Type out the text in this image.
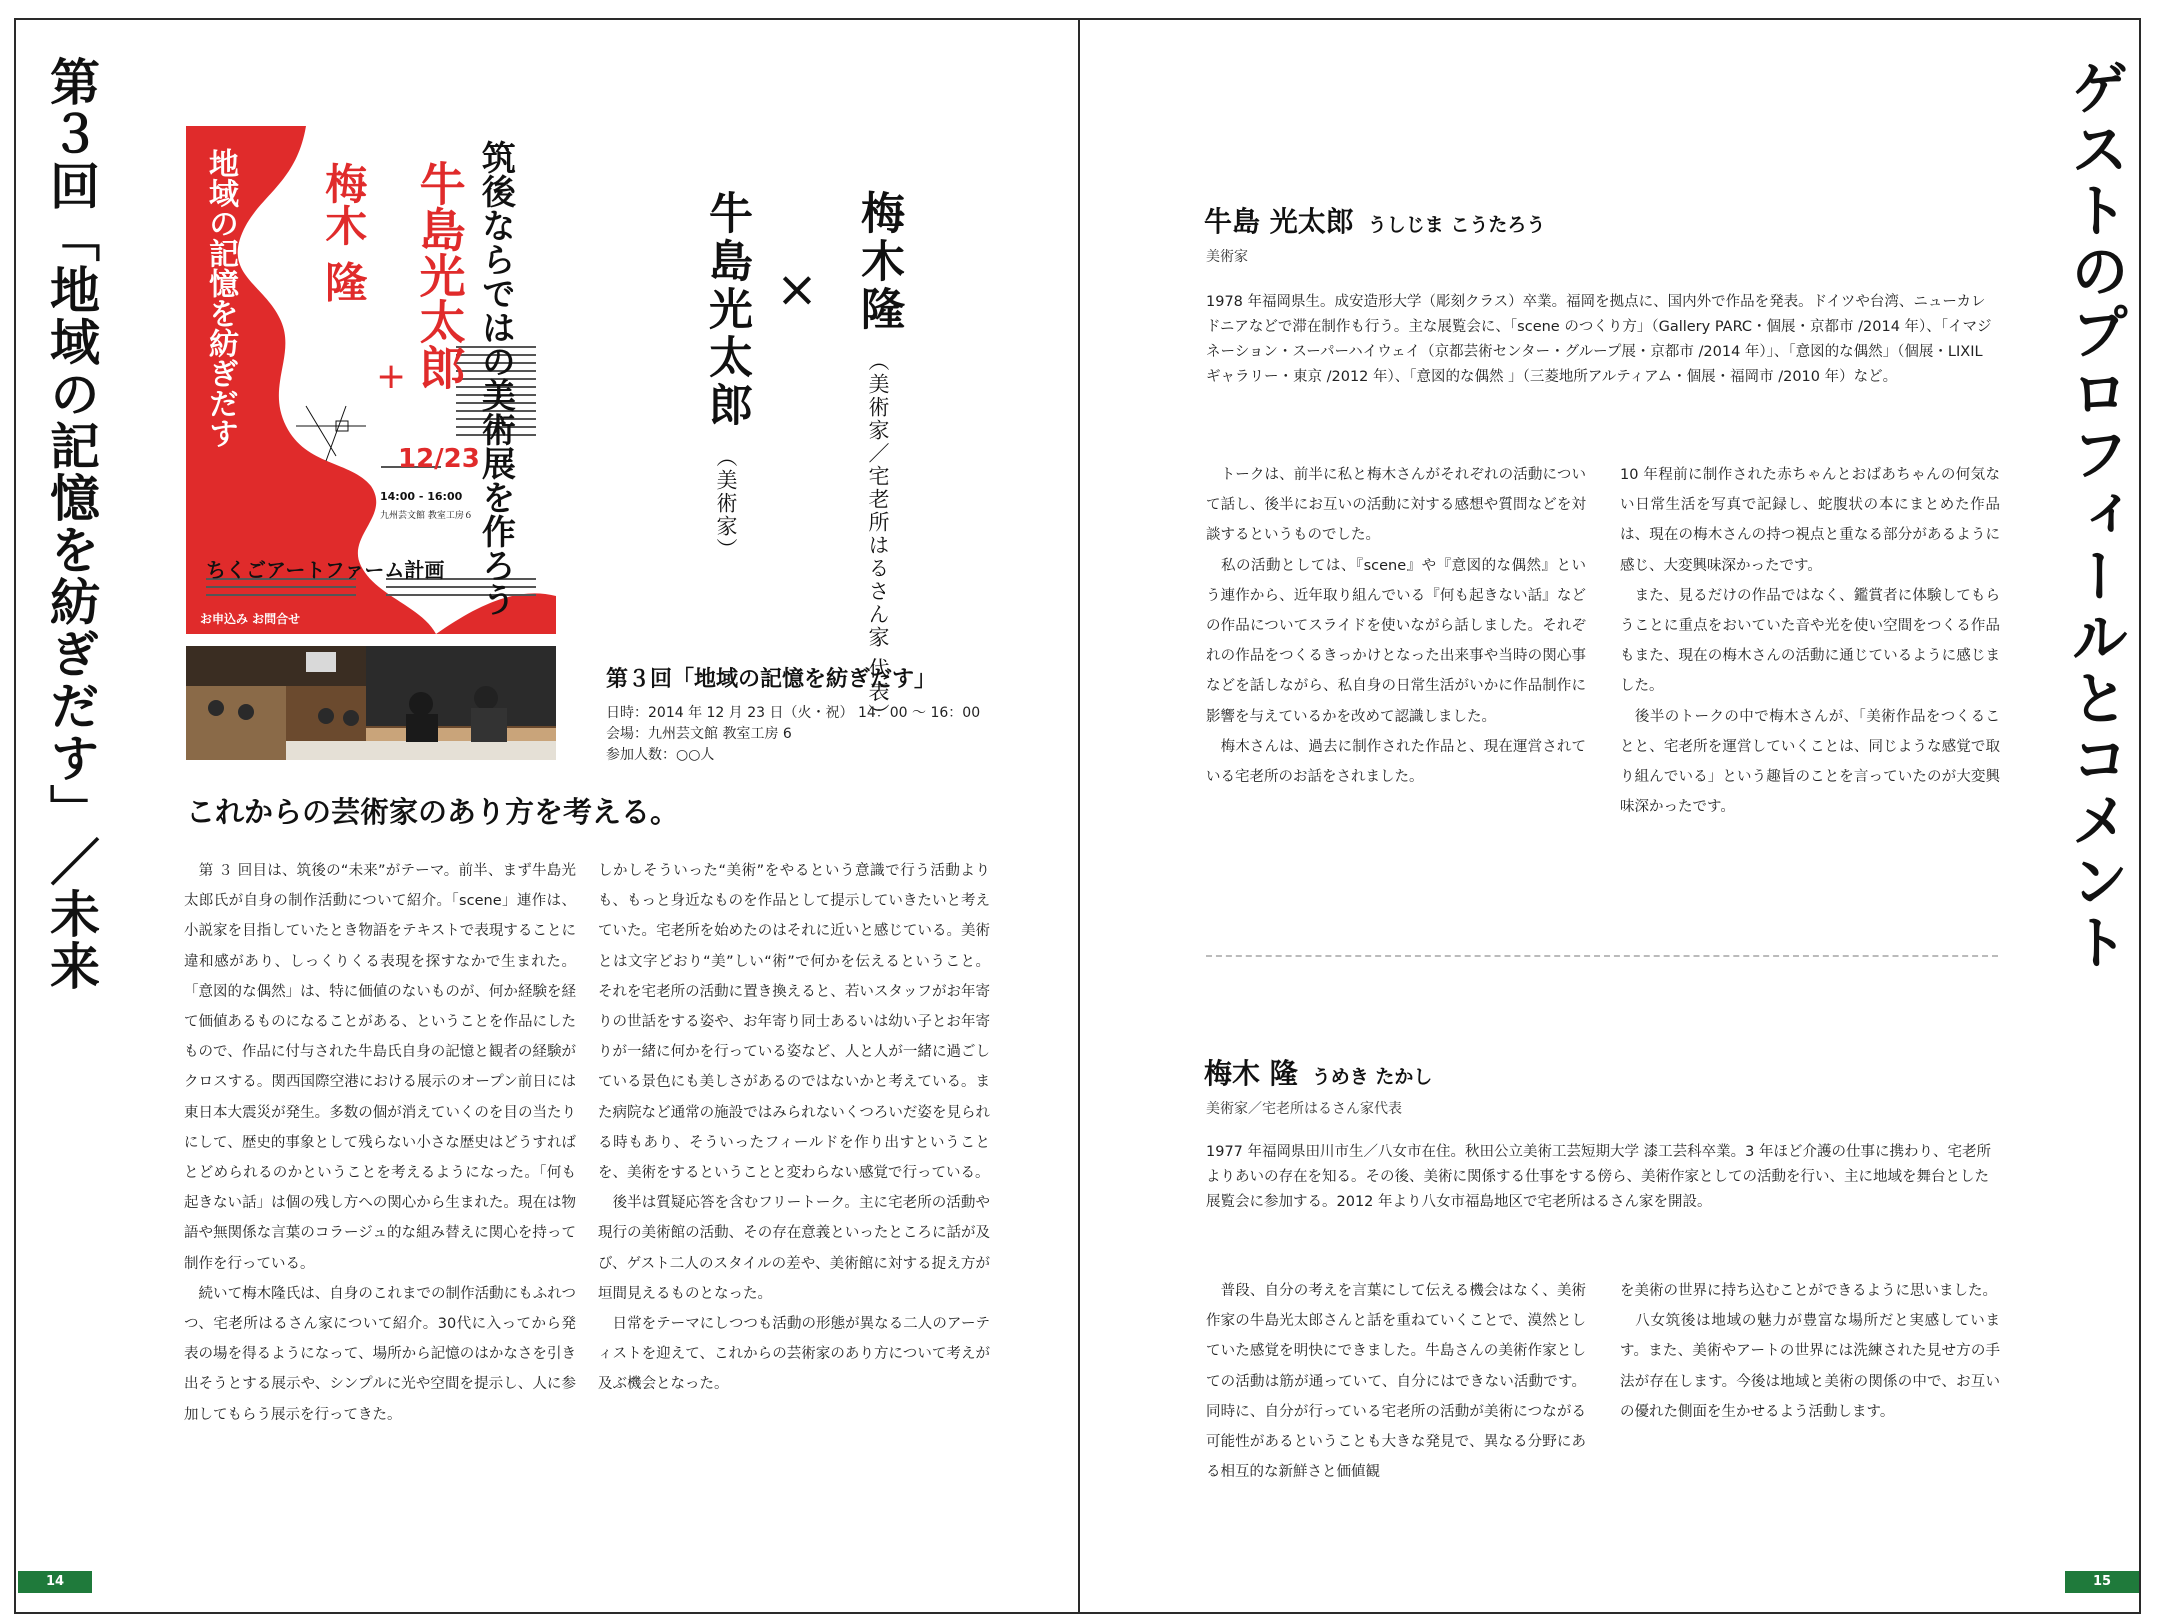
第３回「地域の記憶を紡ぎだす」／未来	+ 筑後ならではの美術展を作ろう
牛島光太郎
梅木 隆
地域の記憶を紡ぎだす
12/23
14:00 - 16:00
九州芸文館 教室工房６
ちくごアートファーム計画
お申込み お問合せ
梅木隆 （美術家／宅老所はるさん家 代表）
×
牛島光太郎 （美術家）
第３回「地域の記憶を紡ぎだす」
日時：2014 年 12 月 23 日（火・祝） 14：00 ～ 16：00
会場：九州芸文館 教室工房 6
参加人数：○○人
これからの芸術家のあり方を考える。

　第 ３ 回目は、筑後の“未来”がテーマ。前半、まず牛島光太郎氏が自身の制作活動について紹介。「scene」連作は、小説家を目指していたとき物語をテキストで表現することに違和感があり、しっくりくる表現を探すなかで生まれた。「意図的な偶然」は、特に価値のないものが、何か経験を経て価値あるものになることがある、ということを作品にしたもので、作品に付与された牛島氏自身の記憶と観者の経験がクロスする。関西国際空港における展示のオープン前日には東日本大震災が発生。多数の個が消えていくのを目の当たりにして、歴史的事象として残らない小さな歴史はどうすればとどめられるのかということを考えるようになった。「何も起きない話」は個の残し方への関心から生まれた。現在は物語や無関係な言葉のコラージュ的な組み替えに関心を持って制作を行っている。

　続いて梅木隆氏は、自身のこれまでの制作活動にもふれつつ、宅老所はるさん家について紹介。30代に入ってから発表の場を得るようになって、場所から記憶のはかなさを引き出そうとする展示や、シンプルに光や空間を提示し、人に参加してもらう展示を行ってきた。

しかしそういった“美術”をやるという意識で行う活動よりも、もっと身近なものを作品として提示していきたいと考えていた。宅老所を始めたのはそれに近いと感じている。美術とは文字どおり“美”しい“術”で何かを伝えるということ。それを宅老所の活動に置き換えると、若いスタッフがお年寄りの世話をする姿や、お年寄り同士あるいは幼い子とお年寄りが一緒に何かを行っている姿など、人と人が一緒に過ごしている景色にも美しさがあるのではないかと考えている。また病院など通常の施設ではみられないくつろいだ姿を見られる時もあり、そういったフィールドを作り出すということを、美術をするということと変わらない感覚で行っている。

　後半は質疑応答を含むフリートーク。主に宅老所の活動や現行の美術館の活動、その存在意義といったところに話が及び、ゲスト二人のスタイルの差や、美術館に対する捉え方が垣間見えるものとなった。

　日常をテーマにしつつも活動の形態が異なる二人のアーティストを迎えて、これからの芸術家のあり方について考えが及ぶ機会となった。

14
ゲストのプロフィールとコメント
牛島 光太郎 うしじま こうたろう
美術家
1978 年福岡県生。成安造形大学（彫刻クラス）卒業。福岡を拠点に、国内外で作品を発表。ドイツや台湾、ニューカレドニアなどで滞在制作も行う。主な展覧会に、「scene のつくり方」（Gallery PARC・個展・京都市 /2014 年）、「イマジネーション・スーパーハイウェイ（京都芸術センター・グループ展・京都市 /2014 年）」、「意図的な偶然」（個展・LIXIL ギャラリー・東京 /2012 年）、「意図的な偶然 」（三菱地所アルティアム・個展・福岡市 /2010 年）など。

　トークは、前半に私と梅木さんがそれぞれの活動について話し、後半にお互いの活動に対する感想や質問などを対談するというものでした。

　私の活動としては、『scene』や『意図的な偶然』という連作から、近年取り組んでいる『何も起きない話』などの作品についてスライドを使いながら話しました。それぞれの作品をつくるきっかけとなった出来事や当時の関心事などを話しながら、私自身の日常生活がいかに作品制作に影響を与えているかを改めて認識しました。

　梅木さんは、過去に制作された作品と、現在運営されている宅老所のお話をされました。

10 年程前に制作された赤ちゃんとおばあちゃんの何気ない日常生活を写真で記録し、蛇腹状の本にまとめた作品は、現在の梅木さんの持つ視点と重なる部分があるように感じ、大変興味深かったです。

　また、見るだけの作品ではなく、鑑賞者に体験してもらうことに重点をおいていた音や光を使い空間をつくる作品もまた、現在の梅木さんの活動に通じているように感じました。

　後半のトークの中で梅木さんが、「美術作品をつくることと、宅老所を運営していくことは、同じような感覚で取り組んでいる」という趣旨のことを言っていたのが大変興味深かったです。

梅木 隆 うめき たかし
美術家／宅老所はるさん家代表
1977 年福岡県田川市生／八女市在住。秋田公立美術工芸短期大学 漆工芸科卒業。3 年ほど介護の仕事に携わり、宅老所よりあいの存在を知る。その後、美術に関係する仕事をする傍ら、美術作家としての活動を行い、主に地域を舞台とした展覧会に参加する。2012 年より八女市福島地区で宅老所はるさん家を開設。

　普段、自分の考えを言葉にして伝える機会はなく、美術作家の牛島光太郎さんと話を重ねていくことで、漠然としていた感覚を明快にできました。牛島さんの美術作家としての活動は筋が通っていて、自分にはできない活動です。同時に、自分が行っている宅老所の活動が美術につながる可能性があるということも大きな発見で、異なる分野にある相互的な新鮮さと価値観

を美術の世界に持ち込むことができるように思いました。

　八女筑後は地域の魅力が豊富な場所だと実感しています。また、美術やアートの世界には洗練された見せ方の手法が存在します。今後は地域と美術の関係の中で、お互いの優れた側面を生かせるよう活動します。

15
